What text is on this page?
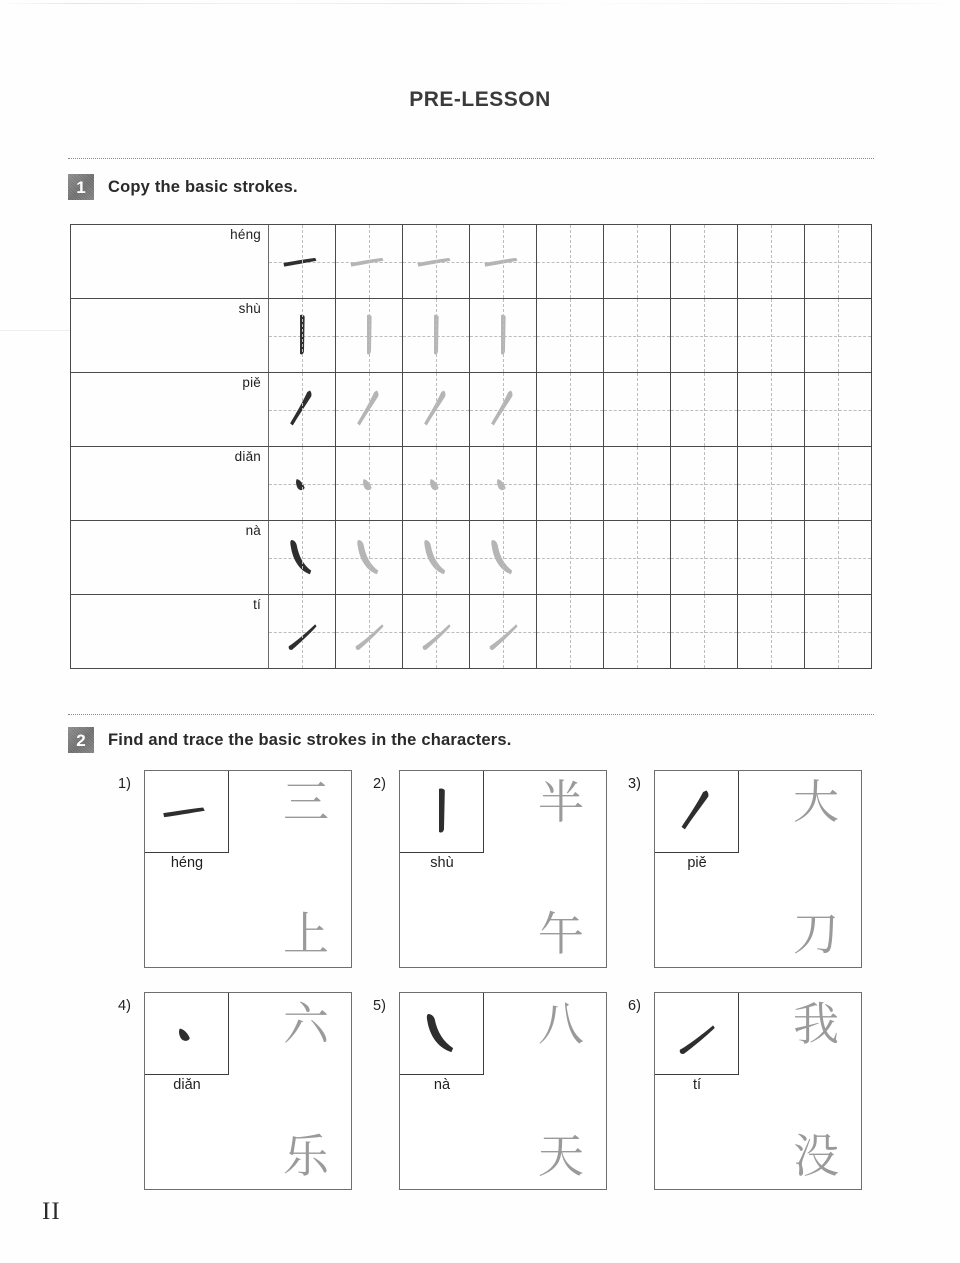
PRE-LESSON
1	Copy the basic strokes.
héng
shù
piě
diǎn
nà
tí
2	Find and trace the basic strokes in the characters.
1)
héng
三
上
2)
shù
半
午
3)
piě
大
刀
4)
diǎn
六
乐
5)
nà
八
天
6)
tí
我
没
II
